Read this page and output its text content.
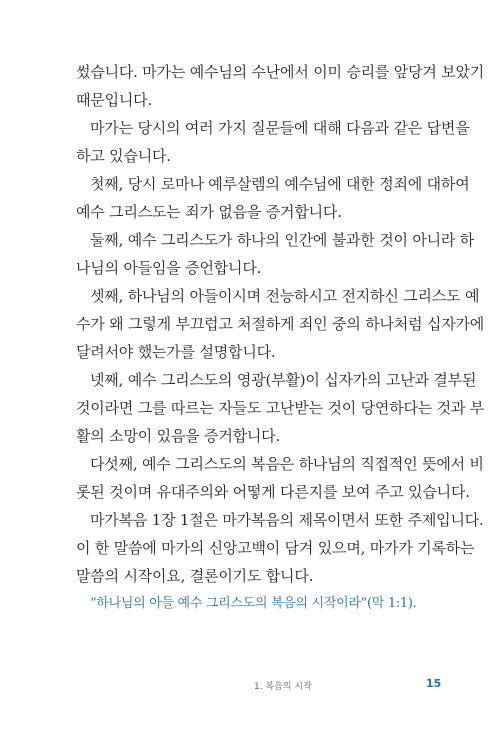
썼습니다. 마가는 예수님의 수난에서 이미 승리를 앞당겨 보았기
때문입니다.
마가는 당시의 여러 가지 질문들에 대해 다음과 같은 답변을
하고 있습니다.
첫째, 당시 로마나 예루살렘의 예수님에 대한 정죄에 대하여
예수 그리스도는 죄가 없음을 증거합니다.
둘째, 예수 그리스도가 하나의 인간에 불과한 것이 아니라 하
나님의 아들임을 증언합니다.
셋째, 하나님의 아들이시며 전능하시고 전지하신 그리스도 예
수가 왜 그렇게 부끄럽고 처절하게 죄인 중의 하나처럼 십자가에
달려서야 했는가를 설명합니다.
넷째, 예수 그리스도의 영광(부활)이 십자가의 고난과 결부된
것이라면 그를 따르는 자들도 고난받는 것이 당연하다는 것과 부
활의 소망이 있음을 증거합니다.
다섯째, 예수 그리스도의 복음은 하나님의 직접적인 뜻에서 비
롯된 것이며 유대주의와 어떻게 다른지를 보여 주고 있습니다.
마가복음 1장 1절은 마가복음의 제목이면서 또한 주제입니다.
이 한 말씀에 마가의 신앙고백이 담겨 있으며, 마가가 기록하는
말씀의 시작이요, 결론이기도 합니다.
“하나님의 아들 예수 그리스도의 복음의 시작이라”(막 1:1).
1. 복음의 시작	15
